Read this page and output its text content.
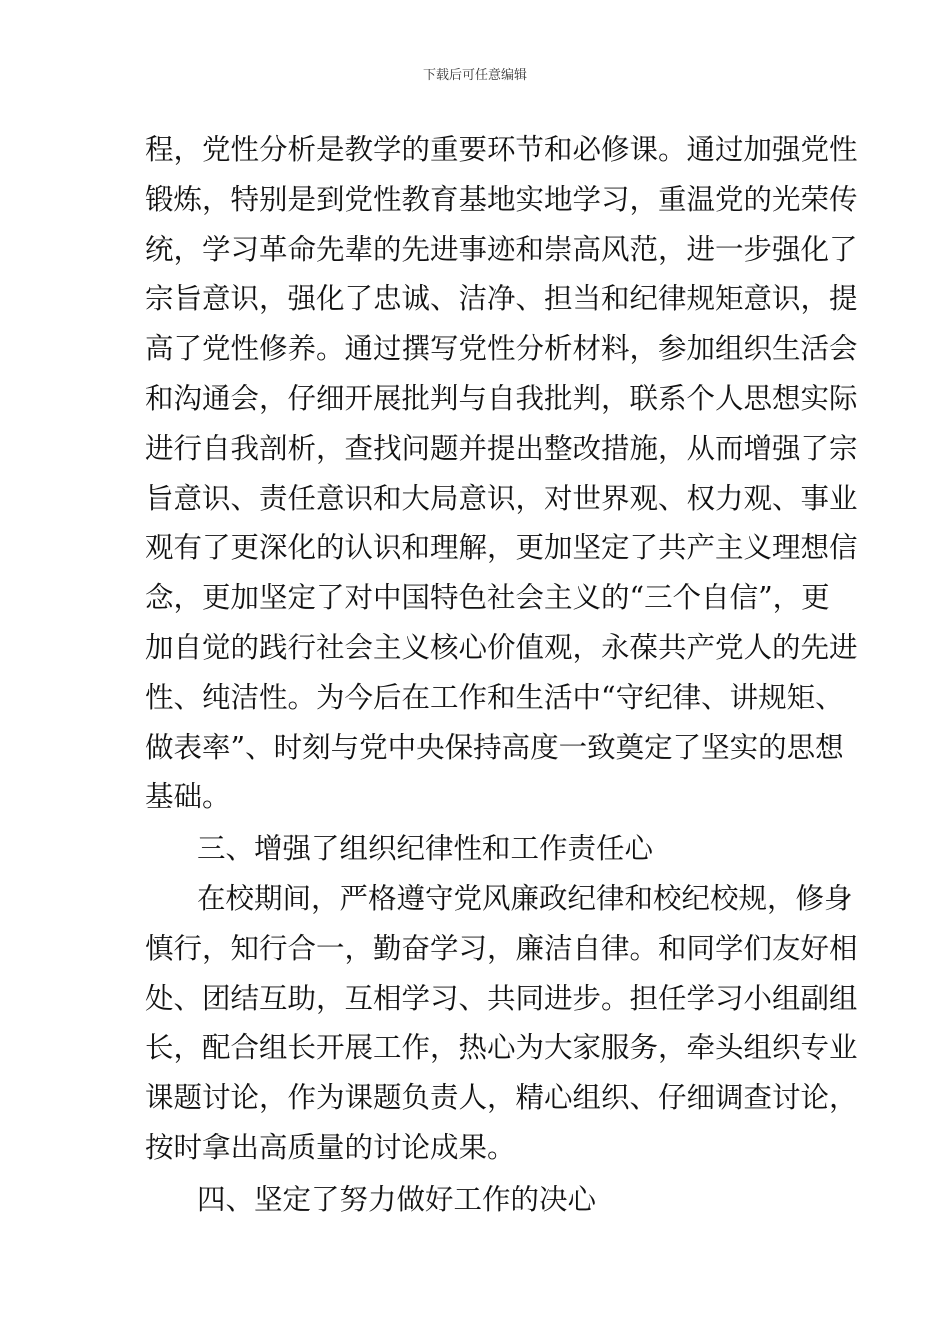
下载后可任意编辑
程，党性分析是教学的重要环节和必修课。通过加强党性
锻炼，特别是到党性教育基地实地学习，重温党的光荣传
统，学习革命先辈的先进事迹和崇高风范，进一步强化了
宗旨意识，强化了忠诚、洁净、担当和纪律规矩意识，提
高了党性修养。通过撰写党性分析材料，参加组织生活会
和沟通会，仔细开展批判与自我批判，联系个人思想实际
进行自我剖析，查找问题并提出整改措施，从而增强了宗
旨意识、责任意识和大局意识，对世界观、权力观、事业
观有了更深化的认识和理解，更加坚定了共产主义理想信
念，更加坚定了对中国特色社会主义的“三个自信”，更
加自觉的践行社会主义核心价值观，永葆共产党人的先进
性、纯洁性。为今后在工作和生活中“守纪律、讲规矩、
做表率”、时刻与党中央保持高度一致奠定了坚实的思想
基础。
三、增强了组织纪律性和工作责任心
在校期间，严格遵守党风廉政纪律和校纪校规，修身
慎行，知行合一，勤奋学习，廉洁自律。和同学们友好相
处、团结互助，互相学习、共同进步。担任学习小组副组
长，配合组长开展工作，热心为大家服务，牵头组织专业
课题讨论，作为课题负责人，精心组织、仔细调查讨论，
按时拿出高质量的讨论成果。
四、坚定了努力做好工作的决心
